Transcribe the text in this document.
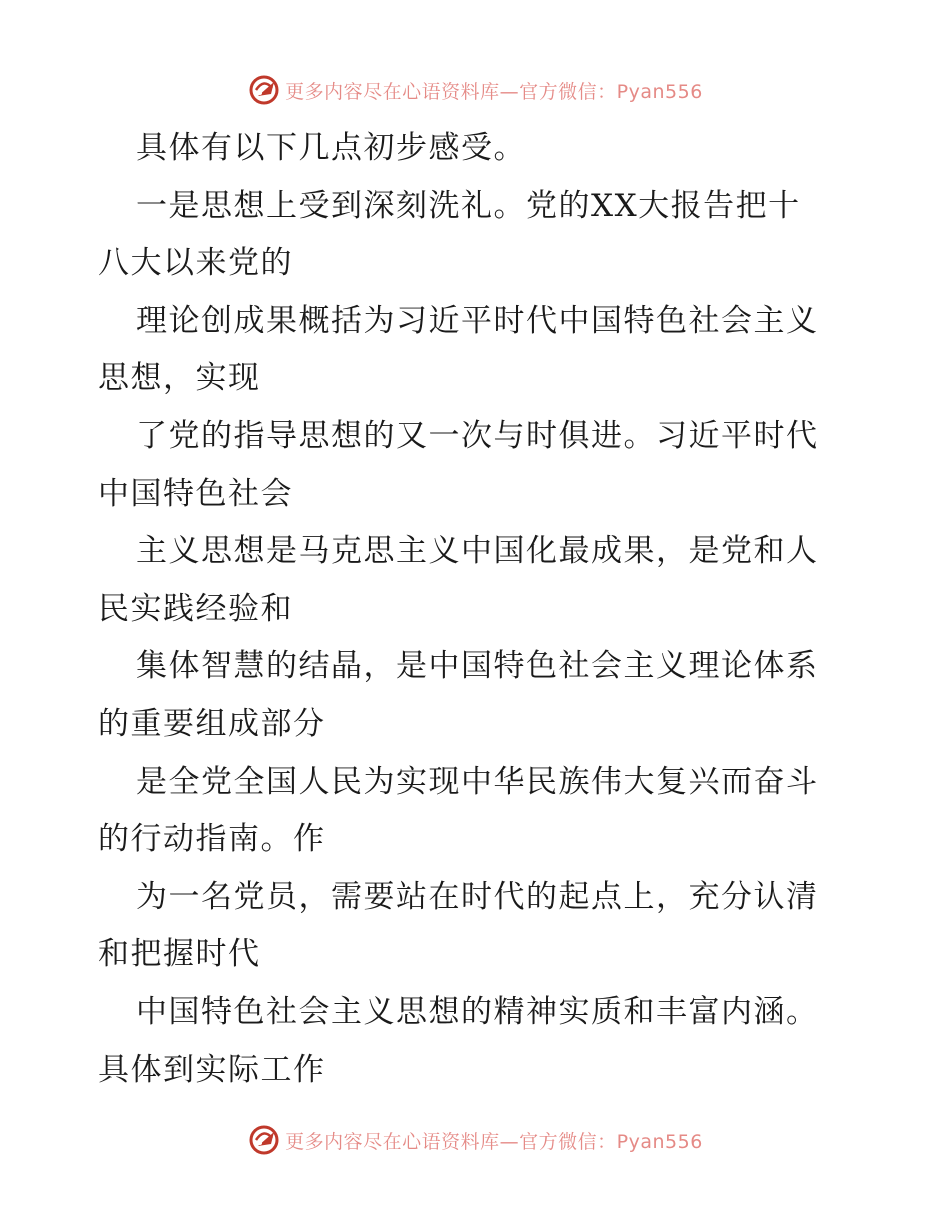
更多内容尽在心语资料库—官方微信：Pyan556
具体有以下几点初步感受。
一是思想上受到深刻洗礼。党的XX大报告把十
八大以来党的
理论创成果概括为习近平时代中国特色社会主义
思想，实现
了党的指导思想的又一次与时俱进。习近平时代
中国特色社会
主义思想是马克思主义中国化最成果，是党和人
民实践经验和
集体智慧的结晶，是中国特色社会主义理论体系
的重要组成部分
是全党全国人民为实现中华民族伟大复兴而奋斗
的行动指南。作
为一名党员，需要站在时代的起点上，充分认清
和把握时代
中国特色社会主义思想的精神实质和丰富内涵。
具体到实际工作
更多内容尽在心语资料库—官方微信：Pyan556
